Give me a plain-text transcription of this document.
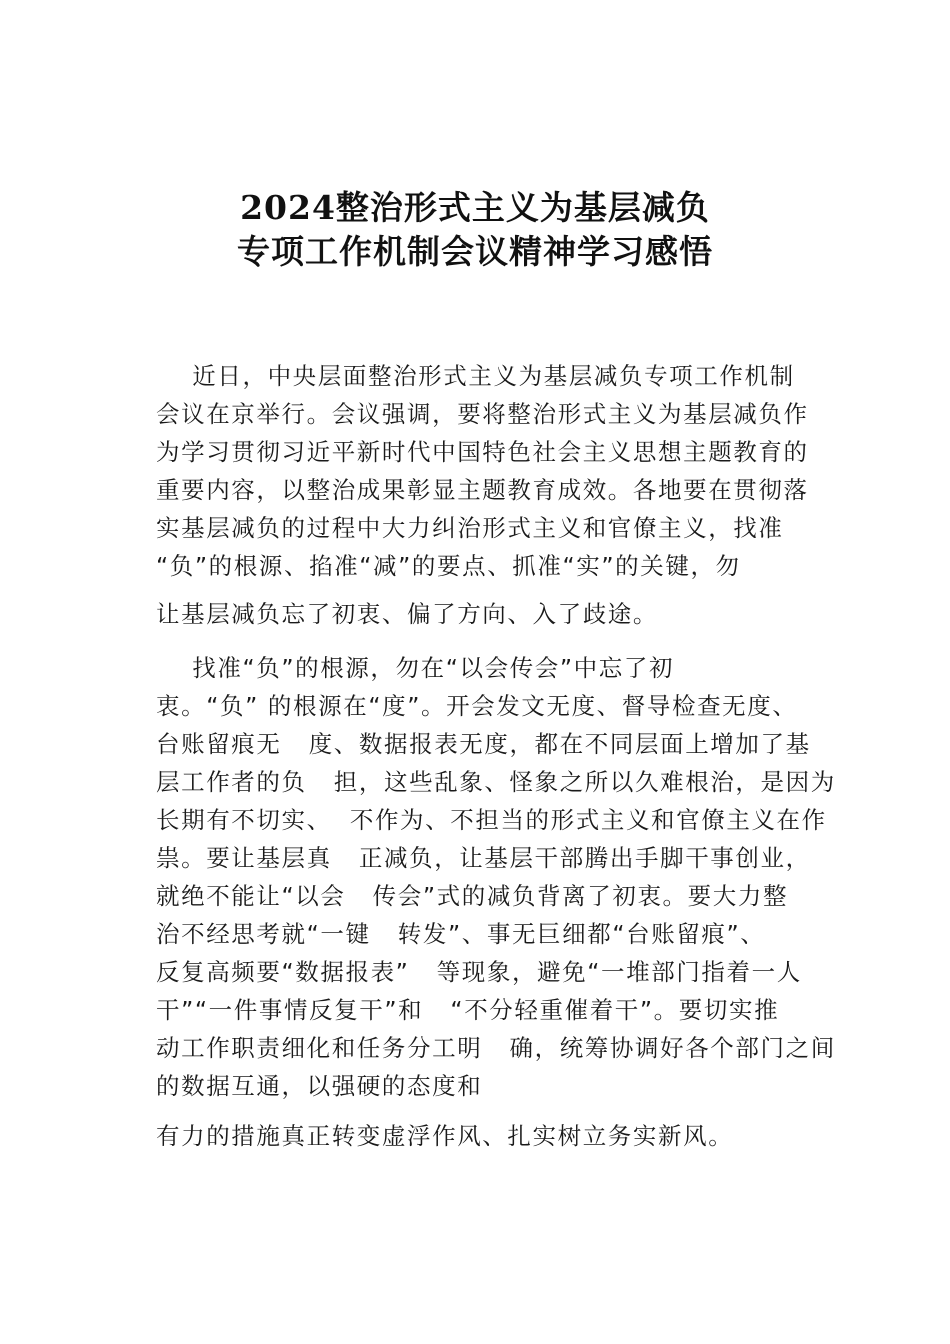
2024整治形式主义为基层减负
专项工作机制会议精神学习感悟
近日，中央层面整治形式主义为基层减负专项工作机制
会议在京举行。会议强调，要将整治形式主义为基层减负作
为学习贯彻习近平新时代中国特色社会主义思想主题教育的
重要内容，以整治成果彰显主题教育成效。各地要在贯彻落
实基层减负的过程中大力纠治形式主义和官僚主义，找准
“负”的根源、掐准“减”的要点、抓准“实”的关键，勿
让基层减负忘了初衷、偏了方向、入了歧途。
找准“负”的根源，勿在“以会传会”中忘了初
衷。“负” 的根源在“度”。开会发文无度、督导检查无度、
台账留痕无   度、数据报表无度，都在不同层面上增加了基
层工作者的负   担，这些乱象、怪象之所以久难根治，是因为
长期有不切实、  不作为、不担当的形式主义和官僚主义在作
祟。要让基层真   正减负，让基层干部腾出手脚干事创业，
就绝不能让“以会   传会”式的减负背离了初衷。要大力整
治不经思考就“一键   转发”、事无巨细都“台账留痕”、
反复高频要“数据报表”   等现象，避免“一堆部门指着一人
干”“一件事情反复干”和   “不分轻重催着干”。要切实推
动工作职责细化和任务分工明   确，统筹协调好各个部门之间
的数据互通，以强硬的态度和
有力的措施真正转变虚浮作风、扎实树立务实新风。
